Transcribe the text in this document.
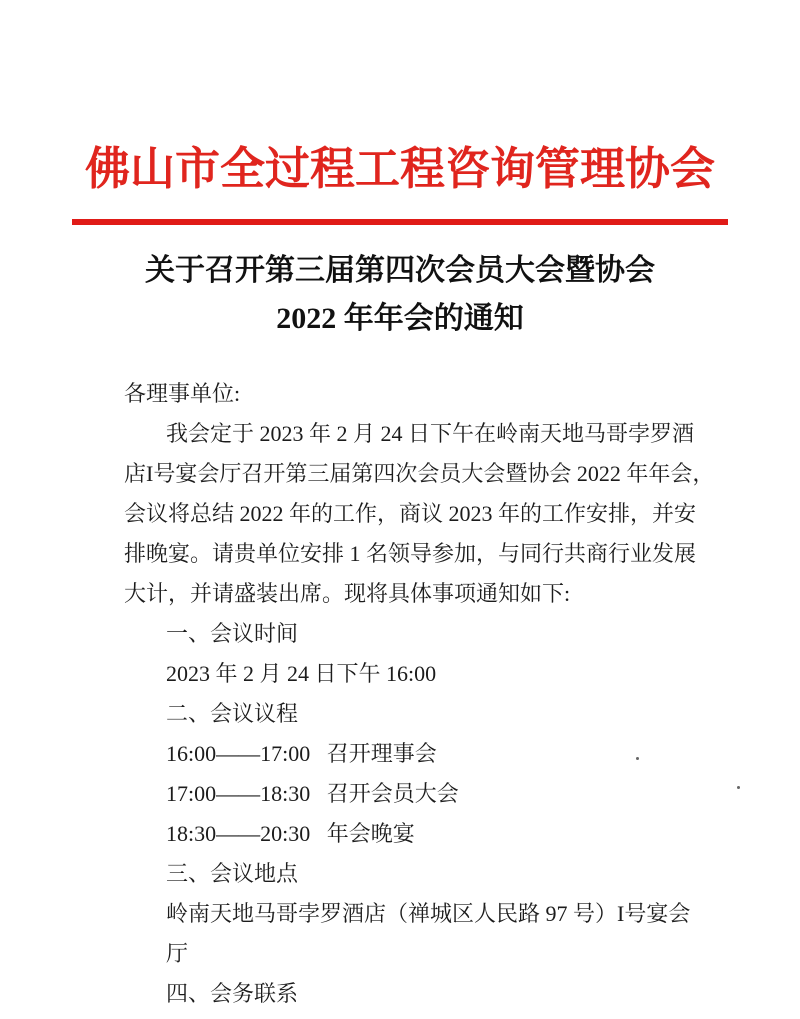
佛山市全过程工程咨询管理协会
关于召开第三届第四次会员大会暨协会
2022 年年会的通知
各理事单位:
我会定于 2023 年 2 月 24 日下午在岭南天地马哥孛罗酒
店I号宴会厅召开第三届第四次会员大会暨协会 2022 年年会，
会议将总结 2022 年的工作，商议 2023 年的工作安排，并安
排晚宴。请贵单位安排 1 名领导参加，与同行共商行业发展
大计，并请盛装出席。现将具体事项通知如下:
一、会议时间
2023 年 2 月 24 日下午 16:00
二、会议议程
16:00——17:00   召开理事会
17:00——18:30   召开会员大会
18:30——20:30   年会晚宴
三、会议地点
岭南天地马哥孛罗酒店（禅城区人民路 97 号）I号宴会
厅
四、会务联系
